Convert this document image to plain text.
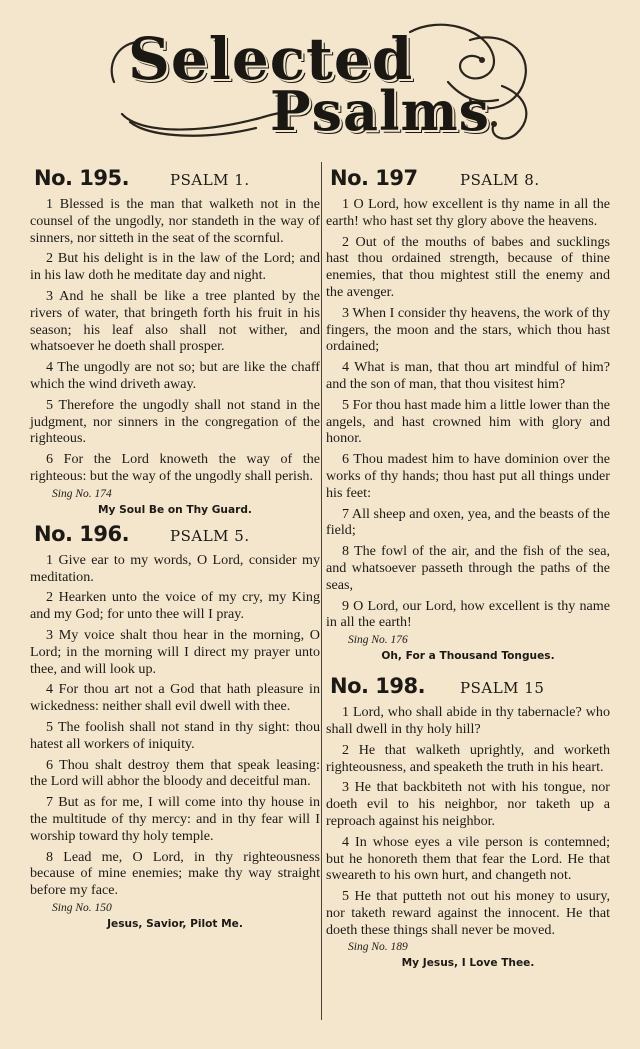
Selected
Psalms
No. 195.	PSALM 1.

1 Blessed is the man that walketh not in the counsel of the ungodly, nor standeth in the way of sinners, nor sitteth in the seat of the scornful.

2 But his delight is in the law of the Lord; and in his law doth he meditate day and night.

3 And he shall be like a tree planted by the rivers of water, that bringeth forth his fruit in his season; his leaf also shall not wither, and whatsoever he doeth shall prosper.

4 The ungodly are not so; but are like the chaff which the wind driveth away.

5 Therefore the ungodly shall not stand in the judgment, nor sinners in the congregation of the righteous.

6 For the Lord knoweth the way of the righteous: but the way of the ungodly shall perish.

Sing No. 174
My Soul Be on Thy Guard.
No. 196.	PSALM 5.

1 Give ear to my words, O Lord, consider my meditation.

2 Hearken unto the voice of my cry, my King and my God; for unto thee will I pray.

3 My voice shalt thou hear in the morning, O Lord; in the morning will I direct my prayer unto thee, and will look up.

4 For thou art not a God that hath pleasure in wickedness: neither shall evil dwell with thee.

5 The foolish shall not stand in thy sight: thou hatest all workers of iniquity.

6 Thou shalt destroy them that speak leasing: the Lord will abhor the bloody and deceitful man.

7 But as for me, I will come into thy house in the multitude of thy mercy: and in thy fear will I worship toward thy holy temple.

8 Lead me, O Lord, in thy righteousness because of mine enemies; make thy way straight before my face.

Sing No. 150
Jesus, Savior, Pilot Me.
No. 197	PSALM 8.

1 O Lord, how excellent is thy name in all the earth! who hast set thy glory above the heavens.

2 Out of the mouths of babes and sucklings hast thou ordained strength, because of thine enemies, that thou mightest still the enemy and the avenger.

3 When I consider thy heavens, the work of thy fingers, the moon and the stars, which thou hast ordained;

4 What is man, that thou art mindful of him? and the son of man, that thou visitest him?

5 For thou hast made him a little lower than the angels, and hast crowned him with glory and honor.

6 Thou madest him to have dominion over the works of thy hands; thou hast put all things under his feet:

7 All sheep and oxen, yea, and the beasts of the field;

8 The fowl of the air, and the fish of the sea, and whatsoever passeth through the paths of the seas,

9 O Lord, our Lord, how excellent is thy name in all the earth!

Sing No. 176
Oh, For a Thousand Tongues.
No. 198. PSALM 15

1 Lord, who shall abide in thy tabernacle? who shall dwell in thy holy hill?

2 He that walketh uprightly, and worketh righteousness, and speaketh the truth in his heart.

3 He that backbiteth not with his tongue, nor doeth evil to his neighbor, nor taketh up a reproach against his neighbor.

4 In whose eyes a vile person is contemned; but he honoreth them that fear the Lord. He that sweareth to his own hurt, and changeth not.

5 He that putteth not out his money to usury, nor taketh reward against the innocent. He that doeth these things shall never be moved.

Sing No. 189
My Jesus, I Love Thee.
